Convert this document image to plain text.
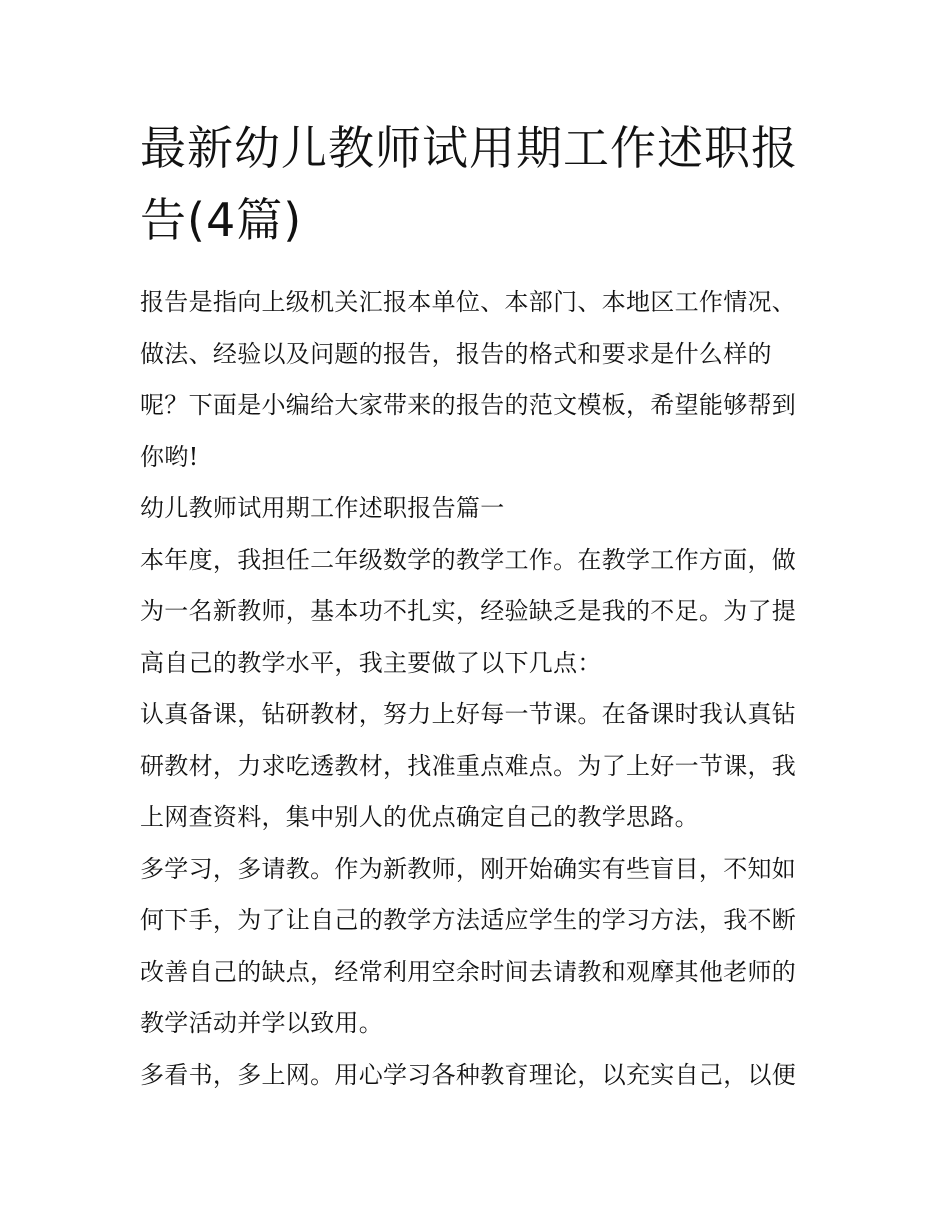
最新幼儿教师试用期工作述职报告(4篇)

报告是指向上级机关汇报本单位、本部门、本地区工作情况、做法、经验以及问题的报告，报告的格式和要求是什么样的呢？下面是小编给大家带来的报告的范文模板，希望能够帮到你哟!

幼儿教师试用期工作述职报告篇一

本年度，我担任二年级数学的教学工作。在教学工作方面，做为一名新教师，基本功不扎实，经验缺乏是我的不足。为了提高自己的教学水平，我主要做了以下几点：

认真备课，钻研教材，努力上好每一节课。在备课时我认真钻研教材，力求吃透教材，找准重点难点。为了上好一节课，我上网查资料，集中别人的优点确定自己的教学思路。

多学习，多请教。作为新教师，刚开始确实有些盲目，不知如何下手，为了让自己的教学方法适应学生的学习方法，我不断改善自己的缺点，经常利用空余时间去请教和观摩其他老师的教学活动并学以致用。

多看书，多上网。用心学习各种教育理论，以充实自己，以便
